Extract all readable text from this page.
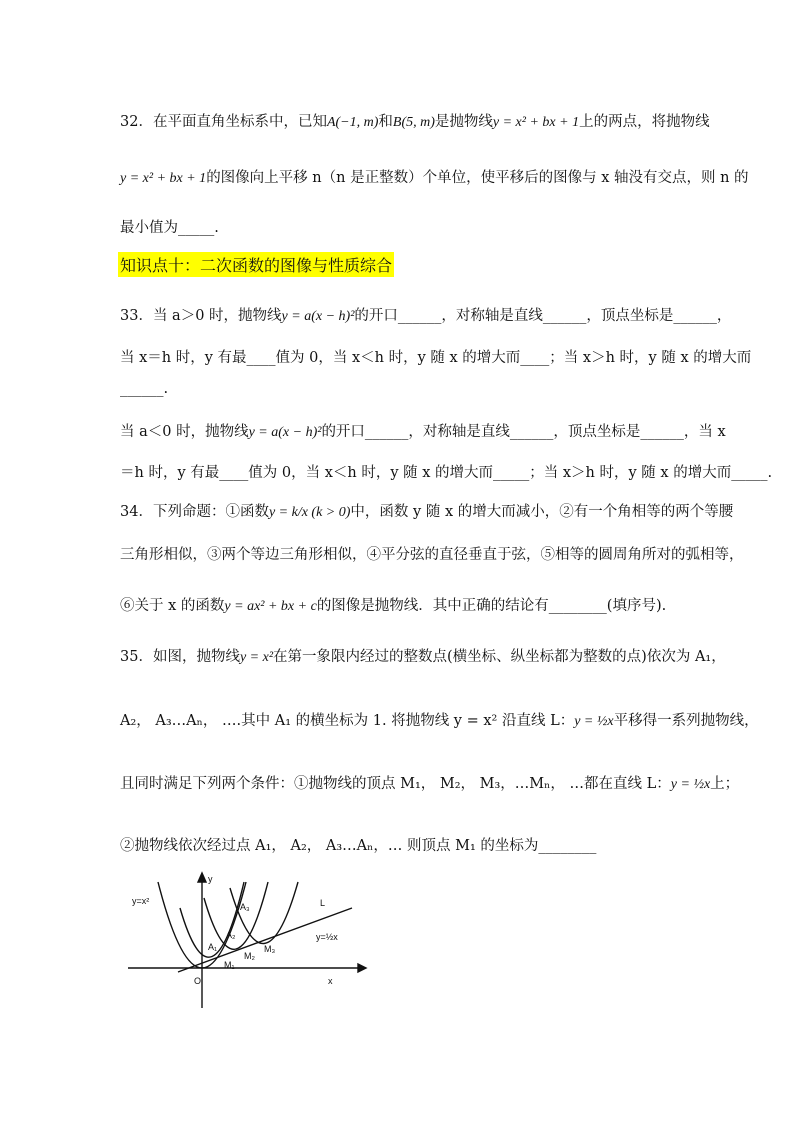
32．在平面直角坐标系中，已知A(−1, m)和B(5, m)是抛物线y = x² + bx + 1上的两点，将抛物线
y = x² + bx + 1的图像向上平移 n（n 是正整数）个单位，使平移后的图像与 x 轴没有交点，则 n 的
最小值为_____.
知识点十：二次函数的图像与性质综合
33．当 a＞0 时，抛物线y = a(x − h)²的开口______，对称轴是直线______，顶点坐标是______，
当 x＝h 时，y 有最____值为 0，当 x＜h 时，y 随 x 的增大而____；当 x＞h 时，y 随 x 的增大而
______.
当 a＜0 时，抛物线y = a(x − h)²的开口______，对称轴是直线______，顶点坐标是______，当 x
＝h 时，y 有最____值为 0，当 x＜h 时，y 随 x 的增大而_____；当 x＞h 时，y 随 x 的增大而_____.
34．下列命题：①函数y = k/x (k > 0)中，函数 y 随 x 的增大而减小，②有一个角相等的两个等腰
三角形相似，③两个等边三角形相似，④平分弦的直径垂直于弦，⑤相等的圆周角所对的弧相等，
⑥关于 x 的函数y = ax² + bx + c的图像是抛物线．其中正确的结论有________(填序号).
35．如图，抛物线y = x²在第一象限内经过的整数点(横坐标、纵坐标都为整数的点)依次为 A₁，
A₂， A₃…Aₙ， ….其中 A₁ 的横坐标为 1. 将抛物线 y = x² 沿直线 L：y = ½x平移得一系列抛物线，
且同时满足下列两个条件：①抛物线的顶点 M₁， M₂， M₃，…Mₙ， …都在直线 L：y = ½x上；
②抛物线依次经过点 A₁， A₂， A₃…Aₙ，… 则顶点 M₁ 的坐标为________
y=x²
y
x
O
L
y=½x
A₁
A₂
A₃
M₁
M₂
M₃
